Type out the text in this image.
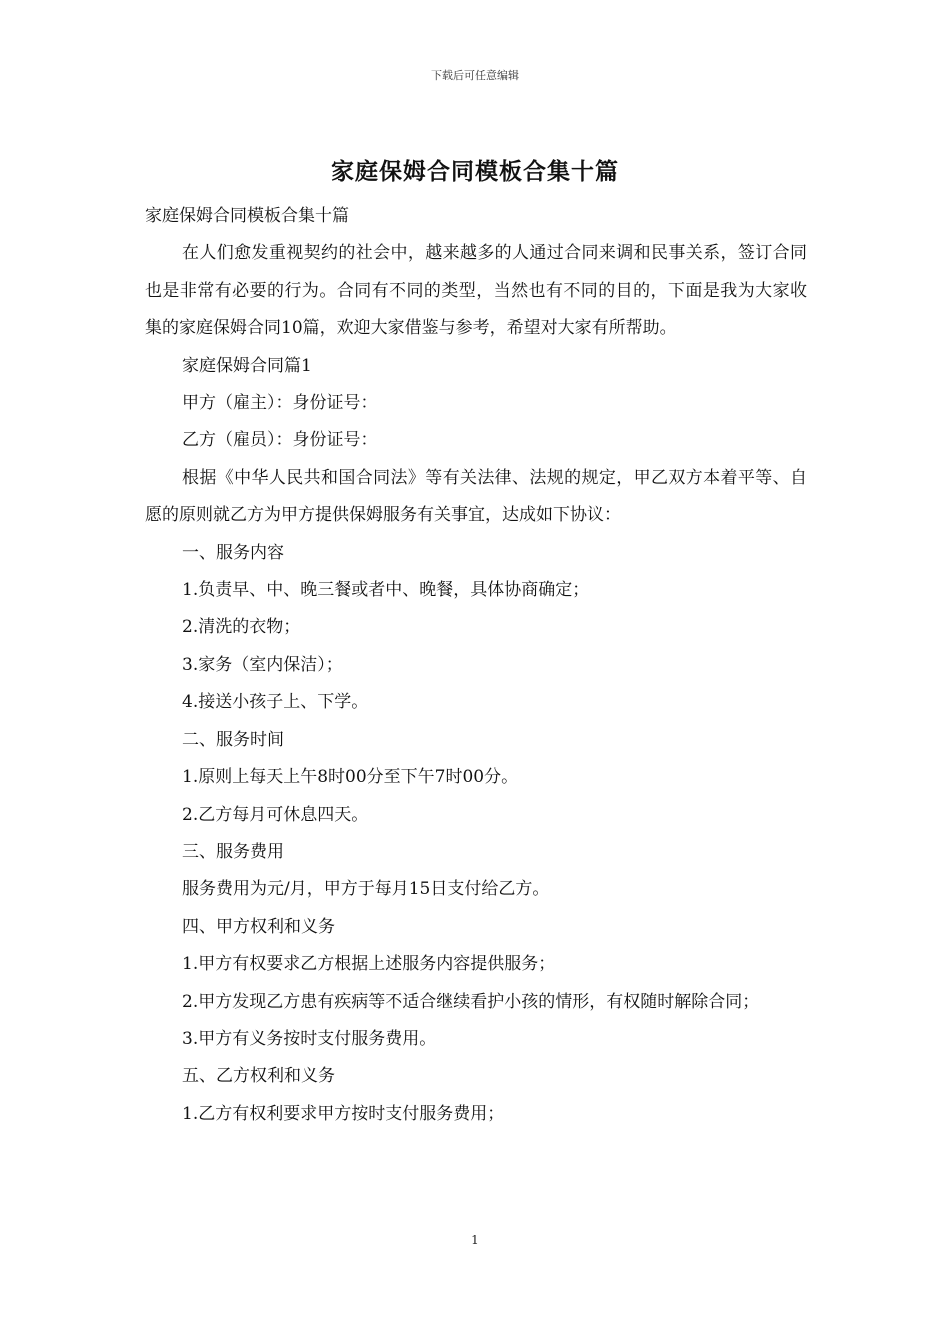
下载后可任意编辑
家庭保姆合同模板合集十篇

家庭保姆合同模板合集十篇

在人们愈发重视契约的社会中，越来越多的人通过合同来调和民事关系，签订合同也是非常有必要的行为。合同有不同的类型，当然也有不同的目的，下面是我为大家收集的家庭保姆合同10篇，欢迎大家借鉴与参考，希望对大家有所帮助。

家庭保姆合同篇1

甲方（雇主）：身份证号：

乙方（雇员）：身份证号：

根据《中华人民共和国合同法》等有关法律、法规的规定，甲乙双方本着平等、自愿的原则就乙方为甲方提供保姆服务有关事宜，达成如下协议：

一、服务内容

1.负责早、中、晚三餐或者中、晚餐，具体协商确定；

2.清洗的衣物；

3.家务（室内保洁）；

4.接送小孩子上、下学。

二、服务时间

1.原则上每天上午8时00分至下午7时00分。

2.乙方每月可休息四天。

三、服务费用

服务费用为元/月，甲方于每月15日支付给乙方。

四、甲方权利和义务

1.甲方有权要求乙方根据上述服务内容提供服务；

2.甲方发现乙方患有疾病等不适合继续看护小孩的情形，有权随时解除合同；

3.甲方有义务按时支付服务费用。

五、乙方权利和义务

1.乙方有权利要求甲方按时支付服务费用；

1
